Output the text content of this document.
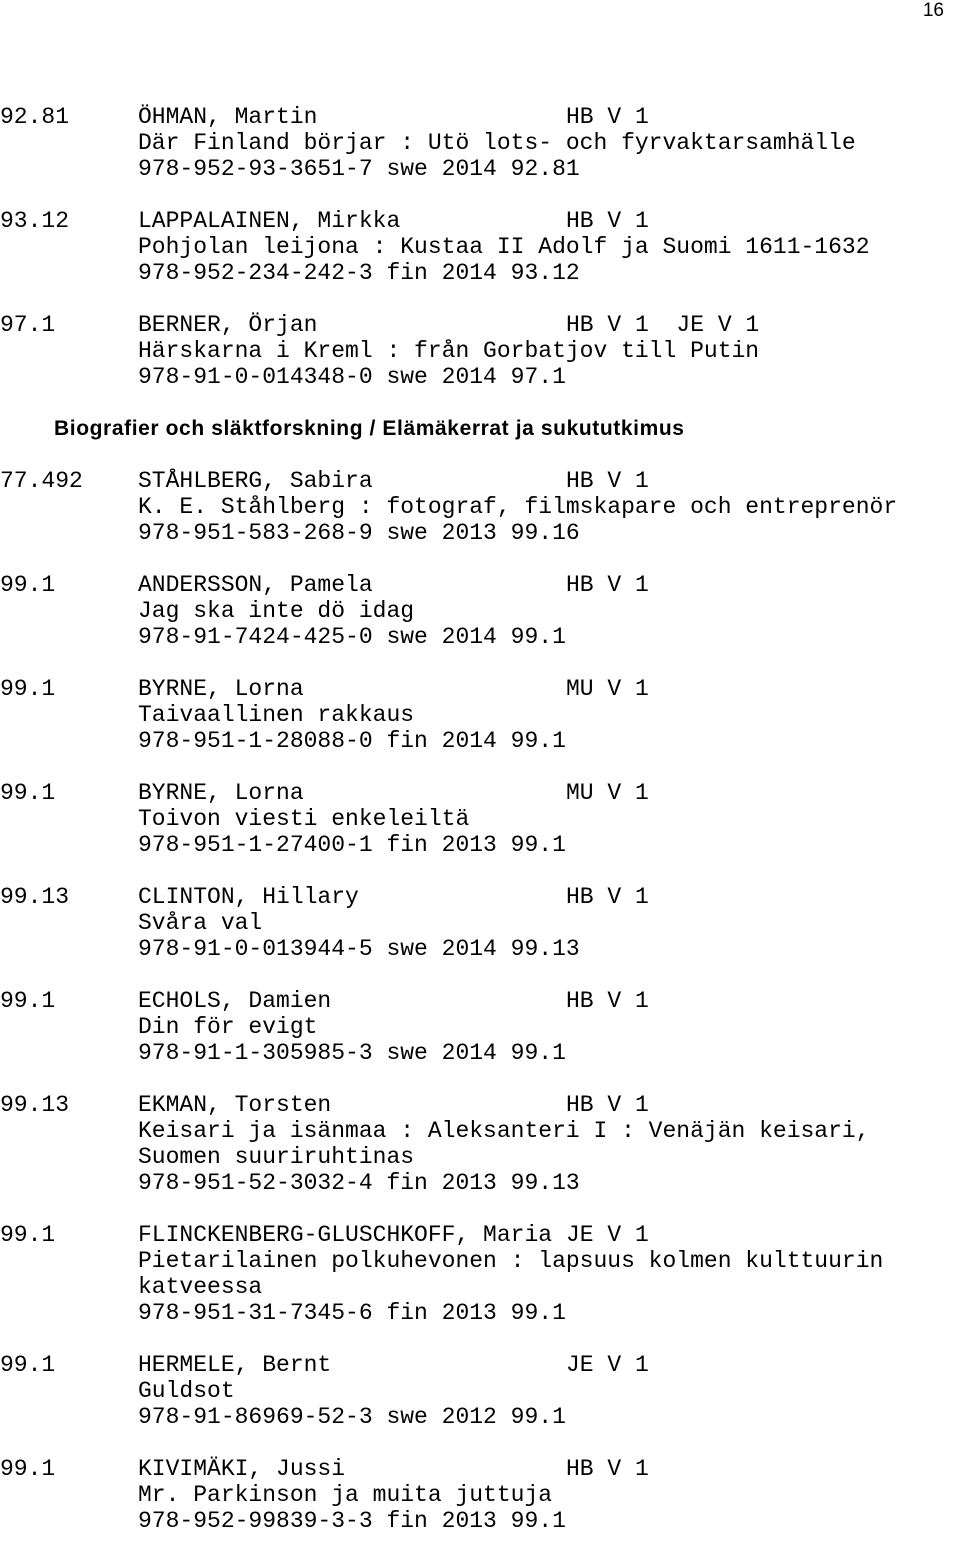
16
92.81	ÖHMAN, Martin	HB V 1
Där Finland börjar : Utö lots- och fyrvaktarsamhälle
978-952-93-3651-7 swe 2014 92.81
93.12	LAPPALAINEN, Mirkka	HB V 1
Pohjolan leijona : Kustaa II Adolf ja Suomi 1611-1632
978-952-234-242-3 fin 2014 93.12
97.1	BERNER, Örjan	HB V 1  JE V 1
Härskarna i Kreml : från Gorbatjov till Putin
978-91-0-014348-0 swe 2014 97.1
Biografier och släktforskning / Elämäkerrat ja sukututkimus
77.492 STÅHLBERG, Sabira	HB V 1
K. E. Ståhlberg : fotograf, filmskapare och entreprenör
978-951-583-268-9 swe 2013 99.16
99.1	ANDERSSON, Pamela	HB V 1
Jag ska inte dö idag
978-91-7424-425-0 swe 2014 99.1
99.1	BYRNE, Lorna	MU V 1
Taivaallinen rakkaus
978-951-1-28088-0 fin 2014 99.1
99.1	BYRNE, Lorna	MU V 1
Toivon viesti enkeleiltä
978-951-1-27400-1 fin 2013 99.1
99.13	CLINTON, Hillary	HB V 1
Svåra val
978-91-0-013944-5 swe 2014 99.13
99.1	ECHOLS, Damien	HB V 1
Din för evigt
978-91-1-305985-3 swe 2014 99.1
99.13	EKMAN, Torsten	HB V 1
Keisari ja isänmaa : Aleksanteri I : Venäjän keisari,
Suomen suuriruhtinas
978-951-52-3032-4 fin 2013 99.13
99.1	FLINCKENBERG-GLUSCHKOFF, Maria JE V 1
Pietarilainen polkuhevonen : lapsuus kolmen kulttuurin
katveessa
978-951-31-7345-6 fin 2013 99.1
99.1	HERMELE, Bernt	JE V 1
Guldsot
978-91-86969-52-3 swe 2012 99.1
99.1	KIVIMÄKI, Jussi	HB V 1
Mr. Parkinson ja muita juttuja
978-952-99839-3-3 fin 2013 99.1
